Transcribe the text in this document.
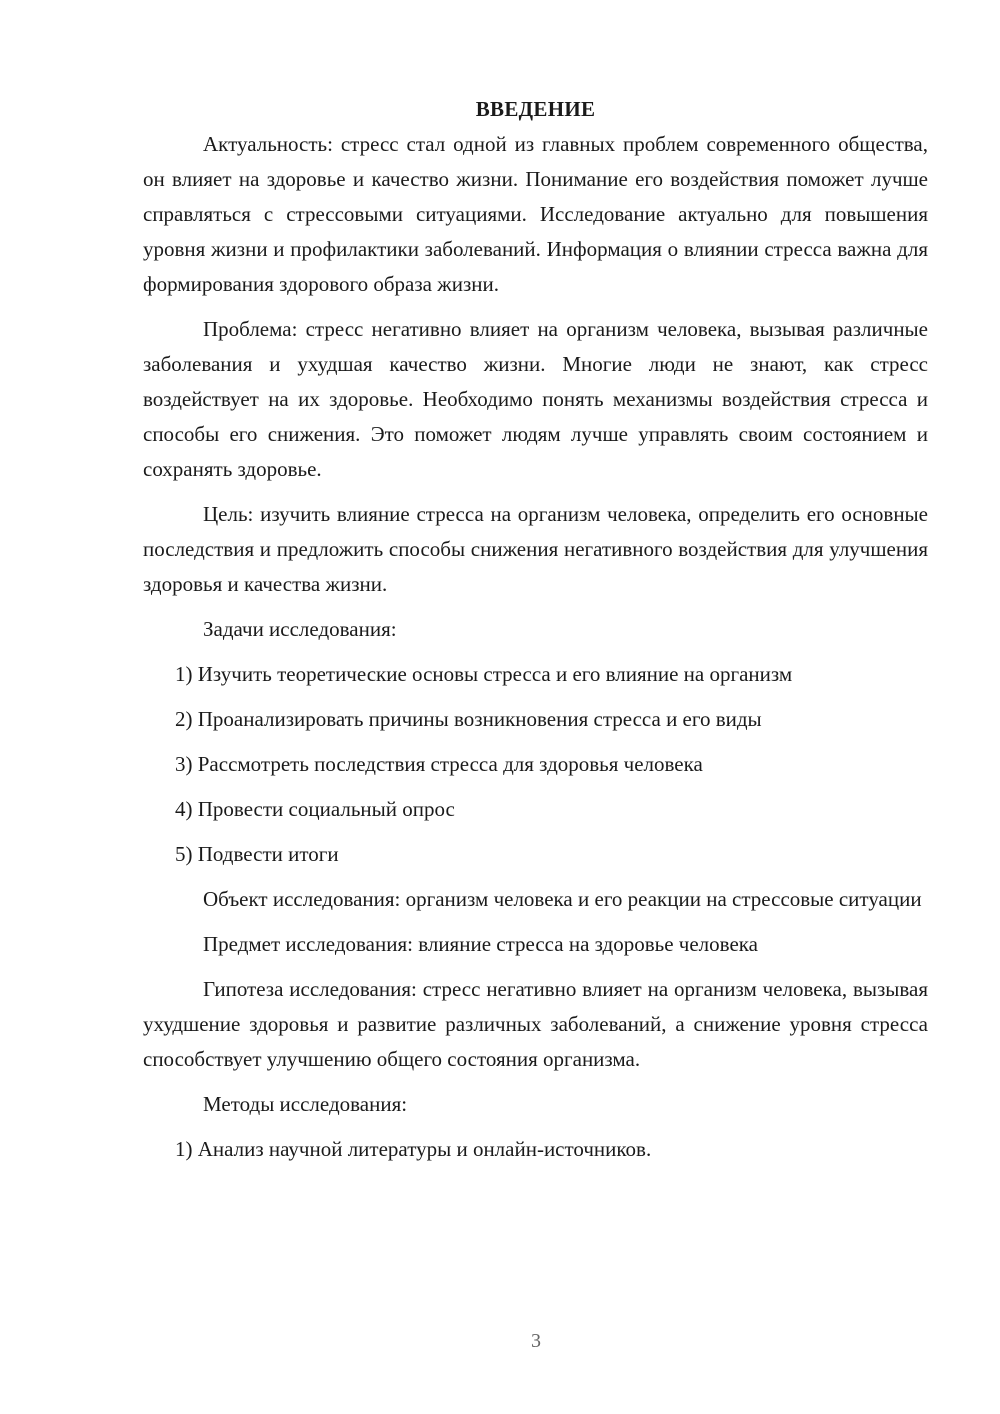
ВВЕДЕНИЕ

Актуальность: стресс стал одной из главных проблем современного общества, он влияет на здоровье и качество жизни. Понимание его воздействия поможет лучше справляться с стрессовыми ситуациями. Исследование актуально для повышения уровня жизни и профилактики заболеваний. Информация о влиянии стресса важна для формирования здорового образа жизни.

Проблема: стресс негативно влияет на организм человека, вызывая различные заболевания и ухудшая качество жизни. Многие люди не знают, как стресс воздействует на их здоровье. Необходимо понять механизмы воздействия стресса и способы его снижения. Это поможет людям лучше управлять своим состоянием и сохранять здоровье.

Цель: изучить влияние стресса на организм человека, определить его основные последствия и предложить способы снижения негативного воздействия для улучшения здоровья и качества жизни.

Задачи исследования:

1) Изучить теоретические основы стресса и его влияние на организм

2) Проанализировать причины возникновения стресса и его виды

3) Рассмотреть последствия стресса для здоровья человека

4) Провести социальный опрос

5) Подвести итоги

Объект исследования: организм человека и его реакции на стрессовые ситуации

Предмет исследования: влияние стресса на здоровье человека

Гипотеза исследования: стресс негативно влияет на организм человека, вызывая ухудшение здоровья и развитие различных заболеваний, а снижение уровня стресса способствует улучшению общего состояния организма.

Методы исследования:

1) Анализ научной литературы и онлайн-источников.

3
